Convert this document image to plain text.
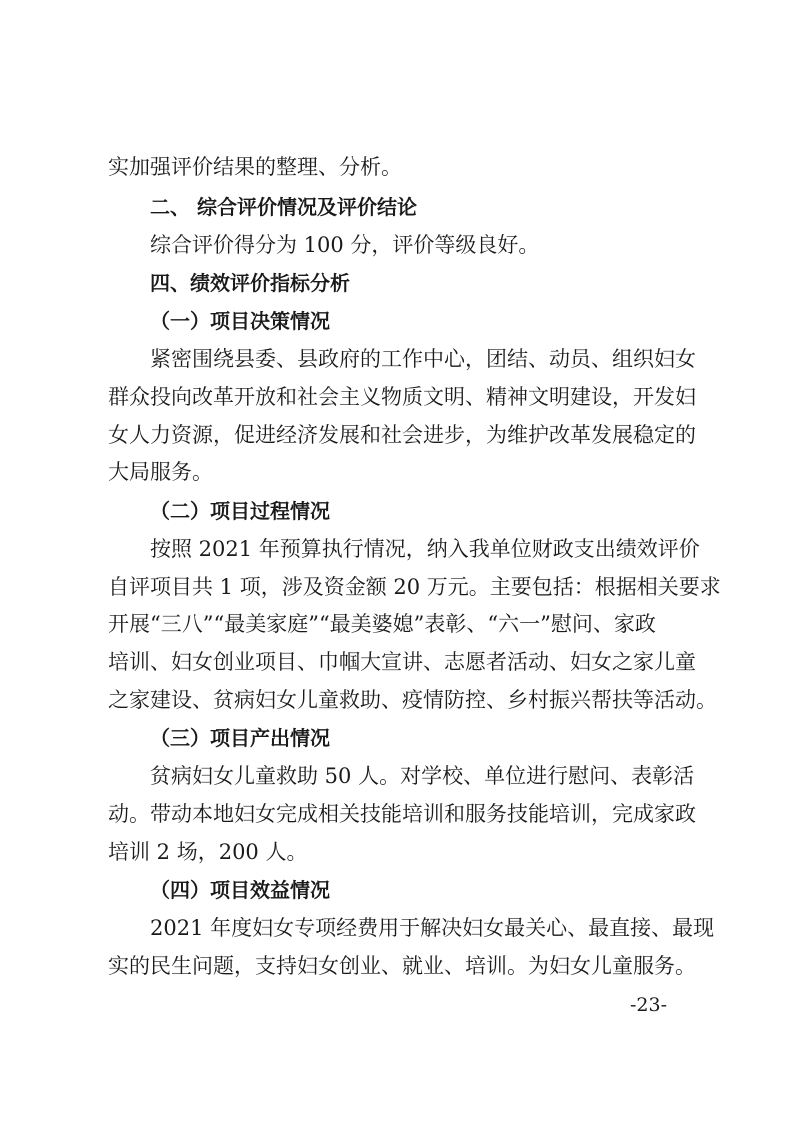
实加强评价结果的整理、分析。
二、 综合评价情况及评价结论
综合评价得分为 100 分，评价等级良好。
四、绩效评价指标分析
（一）项目决策情况
紧密围绕县委、县政府的工作中心，团结、动员、组织妇女
群众投向改革开放和社会主义物质文明、精神文明建设，开发妇
女人力资源，促进经济发展和社会进步，为维护改革发展稳定的
大局服务。
（二）项目过程情况
按照 2021 年预算执行情况，纳入我单位财政支出绩效评价
自评项目共 1 项，涉及资金额 20 万元。主要包括：根据相关要求
开展“三八”“最美家庭”“最美婆媳”表彰、“六一”慰问、家政
培训、妇女创业项目、巾帼大宣讲、志愿者活动、妇女之家儿童
之家建设、贫病妇女儿童救助、疫情防控、乡村振兴帮扶等活动。
（三）项目产出情况
贫病妇女儿童救助 50 人。对学校、单位进行慰问、表彰活
动。带动本地妇女完成相关技能培训和服务技能培训，完成家政
培训 2 场，200 人。
（四）项目效益情况
2021 年度妇女专项经费用于解决妇女最关心、最直接、最现
实的民生问题，支持妇女创业、就业、培训。为妇女儿童服务。
-23-
